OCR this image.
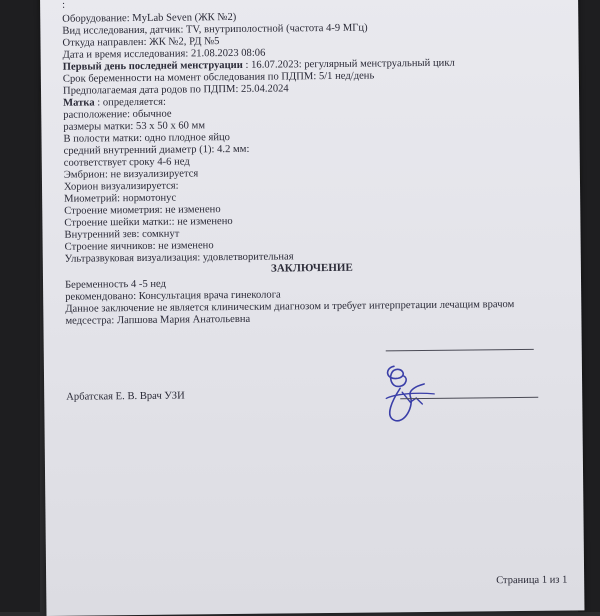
:
Оборудование: MyLab Seven (ЖК №2)
Вид исследования, датчик: TV, внутриполостной (частота 4-9 МГц)
Откуда направлен: ЖК №2, РД №5
Дата и время исследования: 21.08.2023 08:06
Первый день последней менструации : 16.07.2023: регулярный менструальный цикл
Срок беременности на момент обследования по ПДПМ: 5/1 нед/день
Предполагаемая дата родов по ПДПМ: 25.04.2024
Матка : определяется:
расположение: обычное
размеры матки: 53 x 50 x 60 мм
В полости матки: одно плодное яйцо
средний внутренний диаметр (1): 4.2 мм:
соответствует сроку 4-6 нед
Эмбрион: не визуализируется
Хорион визуализируется:
Миометрий: нормотонус
Строение миометрия: не изменено
Строение шейки матки:: не изменено
Внутренний зев: сомкнут
Строение яичников: не изменено
Ультразвуковая визуализация: удовлетворительная
ЗАКЛЮЧЕНИЕ
Беременность 4 -5 нед
рекомендовано: Консультация врача гинеколога
Данное заключение не является клиническим диагнозом и требует интерпретации лечащим врачом
медсестра: Лапшова Мария Анатольевна
Арбатская Е. В. Врач УЗИ
Страница 1 из 1
